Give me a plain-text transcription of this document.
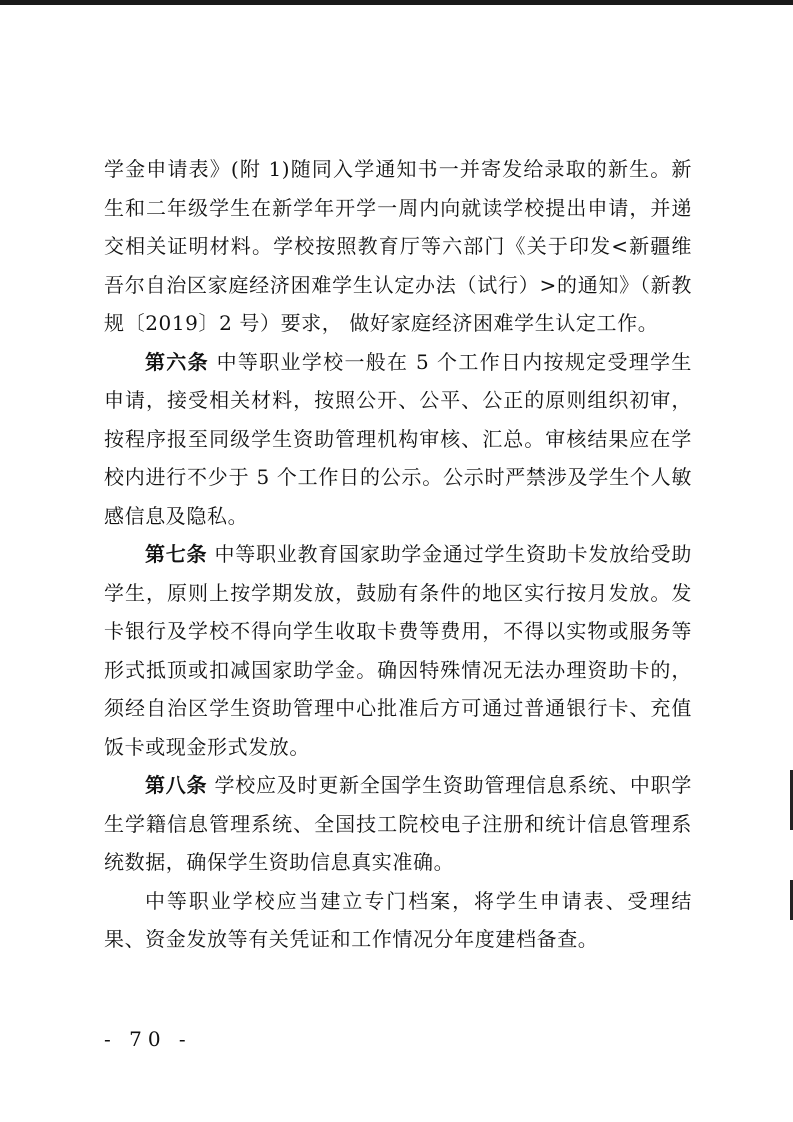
学金申请表》(附 1)随同入学通知书一并寄发给录取的新生。新生和二年级学生在新学年开学一周内向就读学校提出申请，并递交相关证明材料。学校按照教育厅等六部门《关于印发<新疆维吾尔自治区家庭经济困难学生认定办法（试行）>的通知》（新教规〔2019〕2 号）要求， 做好家庭经济困难学生认定工作。

第六条 中等职业学校一般在 5 个工作日内按规定受理学生申请，接受相关材料，按照公开、公平、公正的原则组织初审，按程序报至同级学生资助管理机构审核、汇总。审核结果应在学校内进行不少于 5 个工作日的公示。公示时严禁涉及学生个人敏感信息及隐私。

第七条 中等职业教育国家助学金通过学生资助卡发放给受助学生，原则上按学期发放，鼓励有条件的地区实行按月发放。发卡银行及学校不得向学生收取卡费等费用，不得以实物或服务等形式抵顶或扣减国家助学金。确因特殊情况无法办理资助卡的，须经自治区学生资助管理中心批准后方可通过普通银行卡、充值饭卡或现金形式发放。

第八条 学校应及时更新全国学生资助管理信息系统、中职学生学籍信息管理系统、全国技工院校电子注册和统计信息管理系统数据，确保学生资助信息真实准确。

中等职业学校应当建立专门档案，将学生申请表、受理结果、资金发放等有关凭证和工作情况分年度建档备查。

- 70 -
